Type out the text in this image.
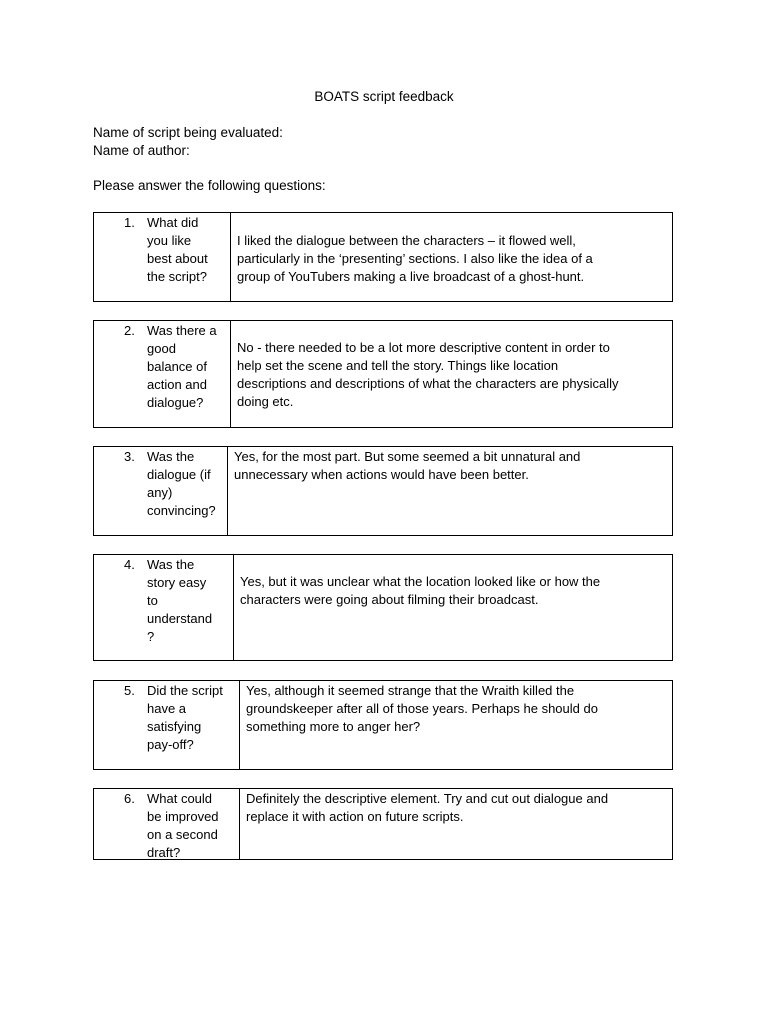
BOATS script feedback
Name of script being evaluated:
Name of author:
Please answer the following questions:
1. What did
you like
best about
the script?
I liked the dialogue between the characters – it flowed well,
particularly in the ‘presenting’ sections. I also like the idea of a
group of YouTubers making a live broadcast of a ghost-hunt.
2. Was there a
good
balance of
action and
dialogue?
No - there needed to be a lot more descriptive content in order to
help set the scene and tell the story. Things like location
descriptions and descriptions of what the characters are physically
doing etc.
3. Was the
dialogue (if
any)
convincing?
Yes, for the most part. But some seemed a bit unnatural and
unnecessary when actions would have been better.
4. Was the
story easy
to
understand
?
Yes, but it was unclear what the location looked like or how the
characters were going about filming their broadcast.
5. Did the script
have a
satisfying
pay-off?
Yes, although it seemed strange that the Wraith killed the
groundskeeper after all of those years. Perhaps he should do
something more to anger her?
6. What could
be improved
on a second
draft?
Definitely the descriptive element. Try and cut out dialogue and
replace it with action on future scripts.
